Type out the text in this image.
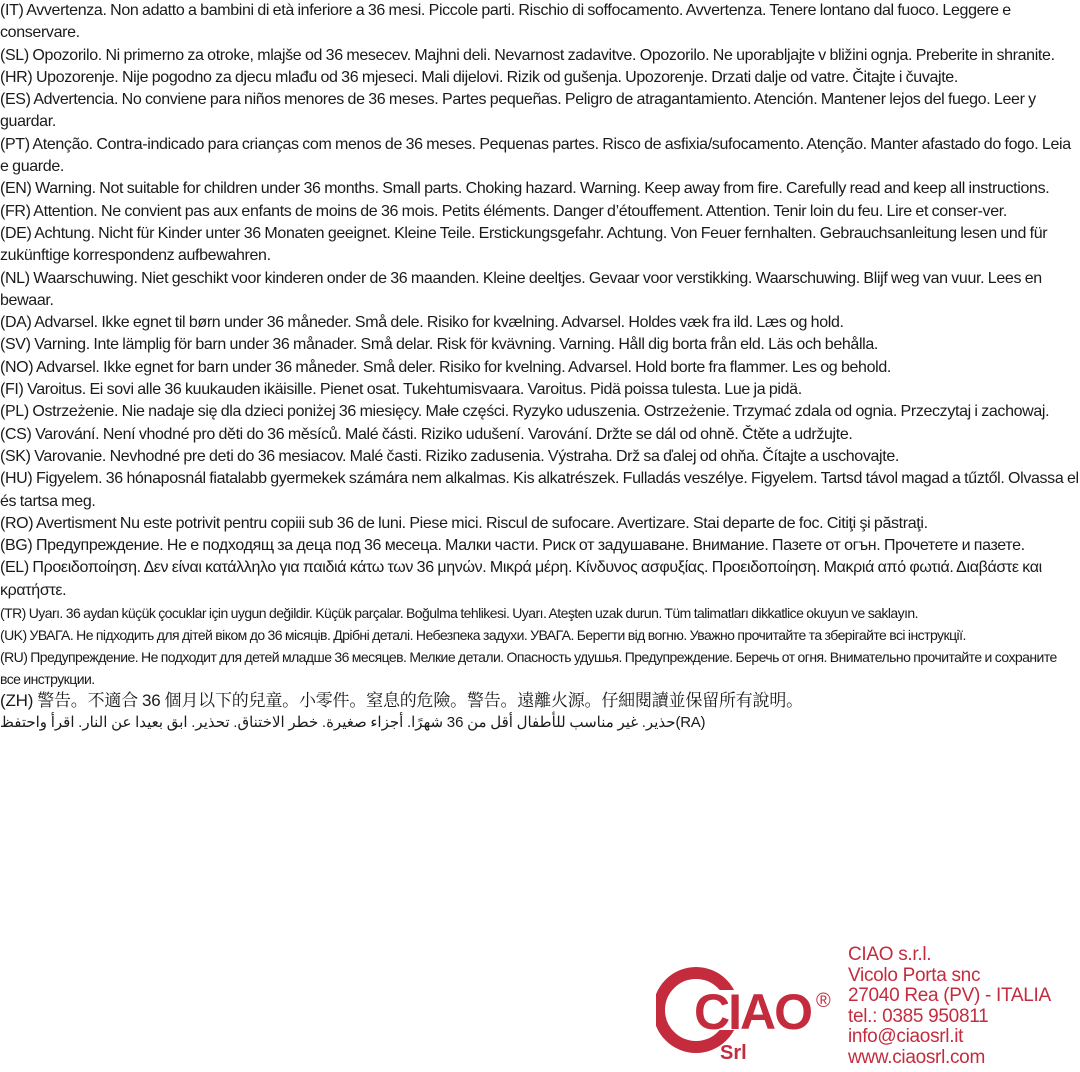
(IT) Avvertenza. Non adatto a bambini di età inferiore a 36 mesi. Piccole parti. Rischio di soffocamento. Avvertenza. Tenere lontano dal fuoco. Leggere e conservare.

(SL) Opozorilo. Ni primerno za otroke, mlajše od 36 mesecev. Majhni deli. Nevarnost zadavitve. Opozorilo. Ne uporabljajte v bližini ognja. Preberite in shranite.

(HR) Upozorenje. Nije pogodno za djecu mlađu od 36 mjeseci. Mali dijelovi. Rizik od gušenja. Upozorenje. Drzati dalje od vatre. Čitajte i čuvajte.

(ES) Advertencia. No conviene para niños menores de 36 meses. Partes pequeñas. Peligro de atragantamiento. Atención. Mantener lejos del fuego. Leer y guardar.

(PT) Atenção. Contra-indicado para crianças com menos de 36 meses. Pequenas partes. Risco de asfixia/sufocamento. Atenção. Manter afastado do fogo. Leia e guarde.

(EN) Warning. Not suitable for children under 36 months. Small parts. Choking hazard. Warning. Keep away from fire. Carefully read and keep all instructions.

(FR) Attention. Ne convient pas aux enfants de moins de 36 mois. Petits éléments. Danger d’étouffement. Attention. Tenir loin du feu. Lire et conser-ver.

(DE) Achtung. Nicht für Kinder unter 36 Monaten geeignet. Kleine Teile. Erstickungsgefahr. Achtung. Von Feuer fernhalten. Gebrauchsanleitung lesen und für zukünftige korrespondenz aufbewahren.

(NL) Waarschuwing. Niet geschikt voor kinderen onder de 36 maanden. Kleine deeltjes. Gevaar voor verstikking. Waarschuwing. Blijf weg van vuur. Lees en bewaar.

(DA) Advarsel. Ikke egnet til børn under 36 måneder. Små dele. Risiko for kvælning. Advarsel. Holdes væk fra ild. Læs og hold.

(SV) Varning. Inte lämplig för barn under 36 månader. Små delar. Risk för kvävning. Varning. Håll dig borta från eld. Läs och behålla.

(NO) Advarsel. Ikke egnet for barn under 36 måneder. Små deler. Risiko for kvelning. Advarsel. Hold borte fra flammer. Les og behold.

(FI) Varoitus. Ei sovi alle 36 kuukauden ikäisille. Pienet osat. Tukehtumisvaara. Varoitus. Pidä poissa tulesta. Lue ja pidä.

(PL) Ostrzeżenie. Nie nadaje się dla dzieci poniżej 36 miesięcy. Małe części. Ryzyko uduszenia. Ostrzeżenie. Trzymać zdala od ognia. Przeczytaj i zachowaj.

(CS) Varování. Není vhodné pro děti do 36 měsíců. Malé části. Riziko udušení. Varování. Držte se dál od ohně. Čtěte a udržujte.

(SK) Varovanie. Nevhodné pre deti do 36 mesiacov. Malé časti. Riziko zadusenia. Výstraha. Drž sa ďalej od ohňa. Čítajte a uschovajte.

(HU) Figyelem. 36 hónaposnál fiatalabb gyermekek számára nem alkalmas. Kis alkatrészek. Fulladás veszélye. Figyelem. Tartsd távol magad a tűztől. Olvassa el és tartsa meg.

(RO) Avertisment Nu este potrivit pentru copiii sub 36 de luni. Piese mici. Riscul de sufocare. Avertizare. Stai departe de foc. Citiţi şi păstraţi.

(BG) Предупреждение. Не е подходящ за деца под 36 месеца. Малки части. Риск от задушаване. Внимание. Пазете от огън. Прочетете и пазете.

(EL) Προειδοποίηση. Δεν είναι κατάλληλο για παιδιά κάτω των 36 μηνών. Μικρά μέρη. Κίνδυνος ασφυξίας. Προειδοποίηση. Μακριά από φωτιά. Διαβάστε και κρατήστε.

(TR) Uyarı. 36 aydan küçük çocuklar için uygun değildir. Küçük parçalar. Boğulma tehlikesi. Uyarı. Ateşten uzak durun. Tüm talimatları dikkatlice okuyun ve saklayın.

(UK) УВАГА. Не підходить для дітей віком до 36 місяців. Дрібні деталі. Небезпека задухи. УВАГА. Берегти від вогню. Уважно прочитайте та зберігайте всі інструкції.

(RU) Предупреждение. Не подходит для детей младше 36 месяцев. Мелкие детали. Опасность удушья. Предупреждение. Беречь от огня. Внимательно прочитайте и сохраните все инструкции.

(ZH) 警告。不適合 36 個月以下的兒童。小零件。窒息的危險。警告。遠離火源。仔細閱讀並保留所有說明。

(RA)حذير. غير مناسب للأطفال أقل من 36 شهرًا. أجزاء صغيرة. خطر الاختناق. تحذير. ابق بعيدا عن النار. اقرأ واحتفظ

CIAO ®
Srl
CIAO s.r.l.
Vicolo Porta snc
27040 Rea (PV) - ITALIA
tel.: 0385 950811
info@ciaosrl.it
www.ciaosrl.com
